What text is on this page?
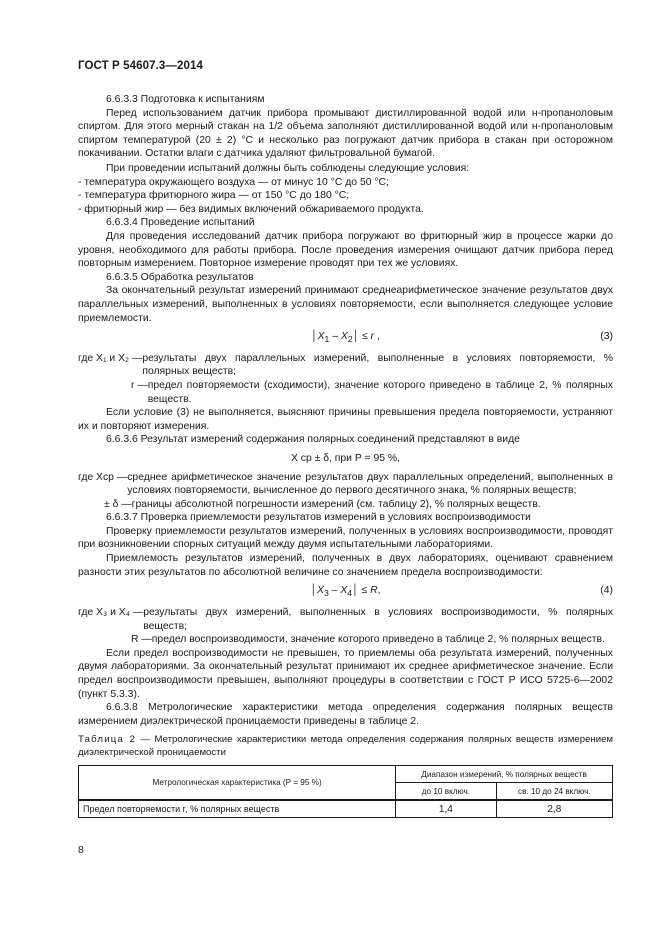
ГОСТ Р 54607.3—2014

6.6.3.3 Подготовка к испытаниям

Перед использованием датчик прибора промывают дистиллированной водой или н-пропаноловым спиртом. Для этого мерный стакан на 1/2 объема заполняют дистиллированной водой или н-пропаноловым спиртом температурой (20 ± 2) °С и несколько раз погружают датчик прибора в стакан при осторожном покачивании. Остатки влаги с датчика удаляют фильтровальной бумагой.

При проведении испытаний должны быть соблюдены следующие условия:

- температура окружающего воздуха — от минус 10 °С до 50 °С;

- температура фритюрного жира — от 150 °С до 180 °С;

- фритюрный жир — без видимых включений обжариваемого продукта.

6.6.3.4 Проведение испытаний

Для проведения исследований датчик прибора погружают во фритюрный жир в процессе жарки до уровня, необходимого для работы прибора. После проведения измерения очищают датчик прибора перед повторным измерением. Повторное измерение проводят при тех же условиях.

6.6.3.5 Обработка результатов

За окончательный результат измерений принимают среднеарифметическое значение результатов двух параллельных измерений, выполненных в условиях повторяемости, если выполняется следующее условие приемлемости.

$│X_1$ – $X_2│ \le r$ ,	(3)
где X₁ и X₂ — результаты двух параллельных измерений, выполненные в условиях повторяемости, % полярных веществ;
r — предел повторяемости (сходимости), значение которого приведено в таблице 2, % полярных веществ.

Если условие (3) не выполняется, выясняют причины превышения предела повторяемости, устраняют их и повторяют измерения.

6.6.3.6 Результат измерений содержания полярных соединений представляют в виде

X ср ± δ, при P = 95 %,
где Xср — среднее арифметическое значение результатов двух параллельных определений, выполненных в условиях повторяемости, вычисленное до первого десятичного знака, % полярных веществ;
± δ — границы абсолютной погрешности измерений (см. таблицу 2), % полярных веществ.

6.6.3.7 Проверка приемлемости результатов измерений в условиях воспроизводимости

Проверку приемлемости результатов измерений, полученных в условиях воспроизводимости, проводят при возникновении спорных ситуаций между двумя испытательными лабораториями.

Приемлемость результатов измерений, полученных в двух лабораториях, оценивают сравнением разности этих результатов по абсолютной величине со значением предела воспроизводимости:

$│X_3$ – $X_4│ \le R$,	(4)
где X₃ и X₄ — результаты двух измерений, выполненных в условиях воспроизводимости, % полярных веществ;
R — предел воспроизводимости, значение которого приведено в таблице 2, % полярных веществ.

Если предел воспроизводимости не превышен, то приемлемы оба результата измерений, полученных двумя лабораториями. За окончательный результат принимают их среднее арифметическое значение. Если предел воспроизводимости превышен, выполняют процедуры в соответствии с ГОСТ Р ИСО 5725-6—2002 (пункт 5.3.3).

6.6.3.8 Метрологические характеристики метода определения содержания полярных веществ измерением диэлектрической проницаемости приведены в таблице 2.

Таблица 2 — Метрологические характеристики метода определения содержания полярных веществ измерением диэлектрической проницаемости

Метрологическая характеристика (P = 95 %)	Диапазон измерений, % полярных веществ	
	до 10 включ.	св. 10 до 24 включ.
Предел повторяемости r, % полярных веществ	1,4	2,8
8
